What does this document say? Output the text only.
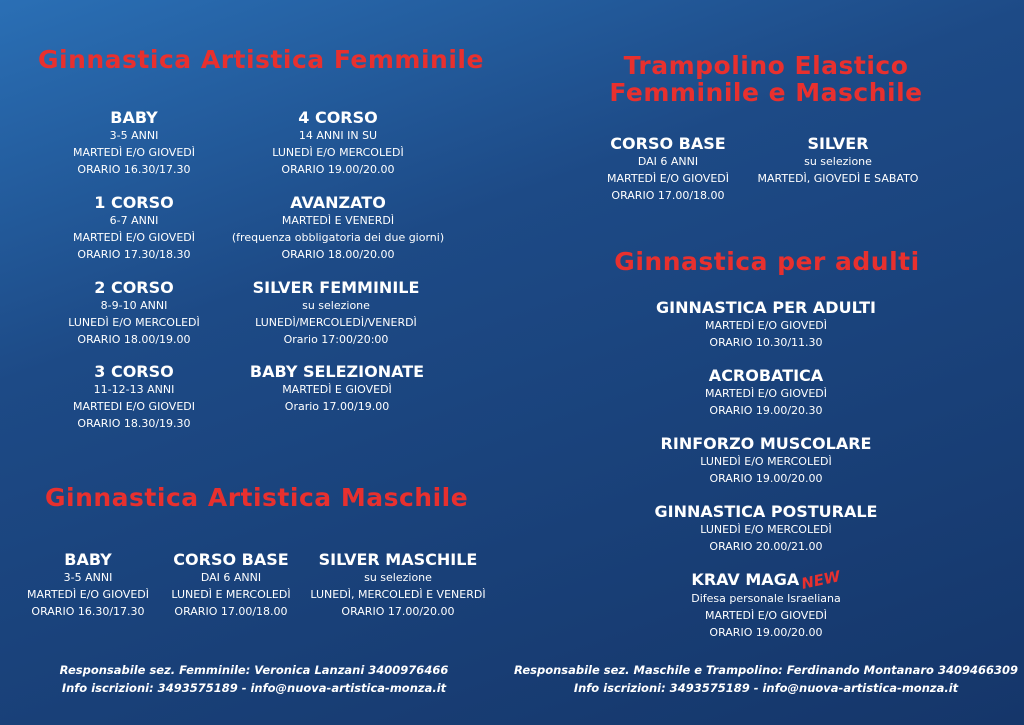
Ginnastica Artistica Femminile
BABY
3-5 ANNI
MARTEDÌ E/O GIOVEDÌ
ORARIO 16.30/17.30
1 CORSO
6-7 ANNI
MARTEDÌ E/O GIOVEDÌ
ORARIO 17.30/18.30
2 CORSO
8-9-10 ANNI
LUNEDÌ E/O MERCOLEDÌ
ORARIO 18.00/19.00
3 CORSO
11-12-13 ANNI
MARTEDI E/O GIOVEDI
ORARIO 18.30/19.30
4 CORSO
14 ANNI IN SU
LUNEDÌ E/O MERCOLEDÌ
ORARIO 19.00/20.00
AVANZATO
MARTEDÌ E VENERDÌ
(frequenza obbligatoria dei due giorni)
ORARIO 18.00/20.00
SILVER FEMMINILE
su selezione
LUNEDÌ/MERCOLEDÌ/VENERDÌ
Orario 17:00/20:00
BABY SELEZIONATE
MARTEDÌ E GIOVEDÌ
Orario 17.00/19.00
Ginnastica Artistica Maschile
BABY
3-5 ANNI
MARTEDÌ E/O GIOVEDÌ
ORARIO 16.30/17.30
CORSO BASE
DAI 6 ANNI
LUNEDÌ E MERCOLEDÌ
ORARIO 17.00/18.00
SILVER MASCHILE
su selezione
LUNEDÌ, MERCOLEDÌ E VENERDÌ
ORARIO 17.00/20.00
Trampolino Elastico
Femminile e Maschile
CORSO BASE
DAI 6 ANNI
MARTEDÌ E/O GIOVEDÌ
ORARIO 17.00/18.00
SILVER
su selezione
MARTEDÌ, GIOVEDÌ E SABATO
Ginnastica per adulti
GINNASTICA PER ADULTI
MARTEDÌ E/O GIOVEDÌ
ORARIO 10.30/11.30
ACROBATICA
MARTEDÌ E/O GIOVEDÌ
ORARIO 19.00/20.30
RINFORZO MUSCOLARE
LUNEDÌ E/O MERCOLEDÌ
ORARIO 19.00/20.00
GINNASTICA POSTURALE
LUNEDÌ E/O MERCOLEDÌ
ORARIO 20.00/21.00
KRAV MAGANEW
Difesa personale Israeliana
MARTEDÌ E/O GIOVEDÌ
ORARIO 19.00/20.00
Responsabile sez. Femminile: Veronica Lanzani 3400976466
Info iscrizioni: 3493575189 - info@nuova-artistica-monza.it
Responsabile sez. Maschile e Trampolino: Ferdinando Montanaro 3409466309
Info iscrizioni: 3493575189 - info@nuova-artistica-monza.it
